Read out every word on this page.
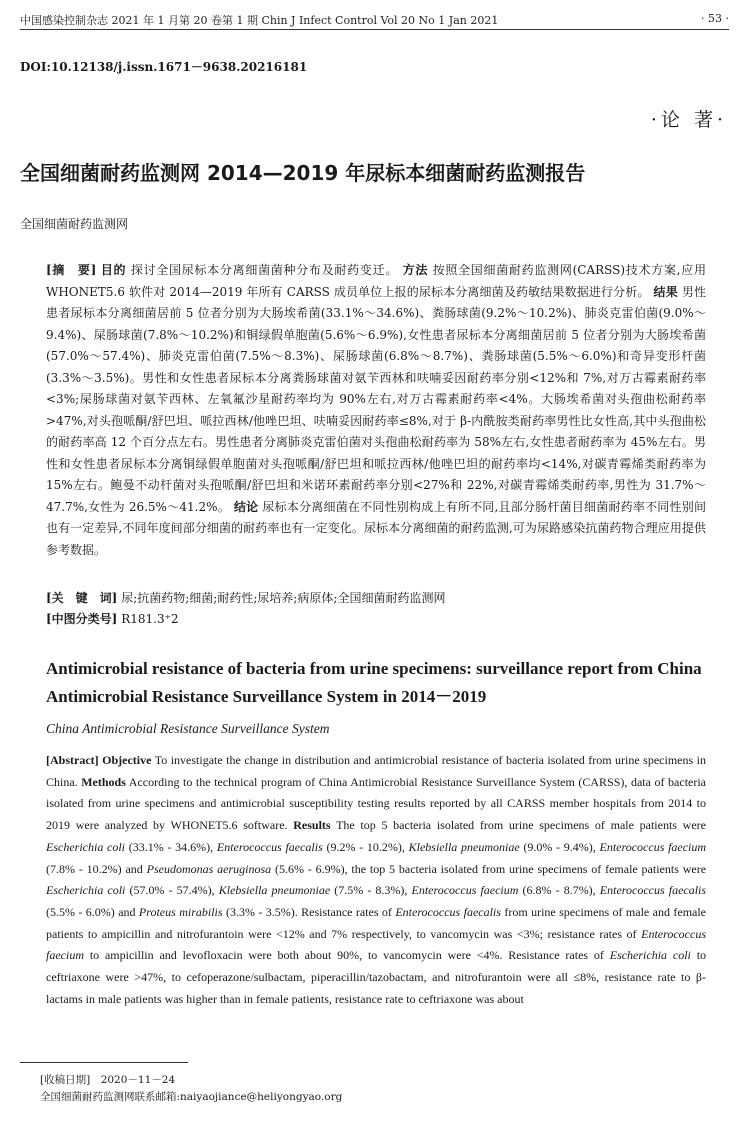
中国感染控制杂志 2021 年 1 月第 20 卷第 1 期 Chin J Infect Control Vol 20 No 1 Jan 2021	· 53 ·
DOI:10.12138/j.issn.1671－9638.20216181
·论 著·
全国细菌耐药监测网 2014—2019 年尿标本细菌耐药监测报告
全国细菌耐药监测网
[摘　要] 目的 探讨全国尿标本分离细菌菌种分布及耐药变迁。 方法 按照全国细菌耐药监测网(CARSS)技术方案,应用 WHONET5.6 软件对 2014—2019 年所有 CARSS 成员单位上报的尿标本分离细菌及药敏结果数据进行分析。 结果 男性患者尿标本分离细菌居前 5 位者分别为大肠埃希菌(33.1%～34.6%)、粪肠球菌(9.2%～10.2%)、肺炎克雷伯菌(9.0%～9.4%)、屎肠球菌(7.8%～10.2%)和铜绿假单胞菌(5.6%～6.9%),女性患者尿标本分离细菌居前 5 位者分别为大肠埃希菌(57.0%～57.4%)、肺炎克雷伯菌(7.5%～8.3%)、屎肠球菌(6.8%～8.7%)、粪肠球菌(5.5%～6.0%)和奇异变形杆菌(3.3%～3.5%)。男性和女性患者尿标本分离粪肠球菌对氨苄西林和呋喃妥因耐药率分别<12%和 7%,对万古霉素耐药率<3%;屎肠球菌对氨苄西林、左氧氟沙星耐药率均为 90%左右,对万古霉素耐药率<4%。大肠埃希菌对头孢曲松耐药率>47%,对头孢哌酮/舒巴坦、哌拉西林/他唑巴坦、呋喃妥因耐药率≤8%,对于 β-内酰胺类耐药率男性比女性高,其中头孢曲松的耐药率高 12 个百分点左右。男性患者分离肺炎克雷伯菌对头孢曲松耐药率为 58%左右,女性患者耐药率为 45%左右。男性和女性患者尿标本分离铜绿假单胞菌对头孢哌酮/舒巴坦和哌拉西林/他唑巴坦的耐药率均<14%,对碳青霉烯类耐药率为 15%左右。鲍曼不动杆菌对头孢哌酮/舒巴坦和米诺环素耐药率分别<27%和 22%,对碳青霉烯类耐药率,男性为 31.7%～47.7%,女性为 26.5%～41.2%。 结论 尿标本分离细菌在不同性别构成上有所不同,且部分肠杆菌目细菌耐药率不同性别间也有一定差异,不同年度间部分细菌的耐药率也有一定变化。尿标本分离细菌的耐药监测,可为尿路感染抗菌药物合理应用提供参考数据。
[关　键　词] 尿;抗菌药物;细菌;耐药性;尿培养;病原体;全国细菌耐药监测网
[中图分类号] R181.3⁺2
Antimicrobial resistance of bacteria from urine specimens: surveillance report from China Antimicrobial Resistance Surveillance System in 2014－2019
China Antimicrobial Resistance Surveillance System
[Abstract] Objective To investigate the change in distribution and antimicrobial resistance of bacteria isolated from urine specimens in China. Methods According to the technical program of China Antimicrobial Resistance Surveillance System (CARSS), data of bacteria isolated from urine specimens and antimicrobial susceptibility testing results reported by all CARSS member hospitals from 2014 to 2019 were analyzed by WHONET5.6 software. Results The top 5 bacteria isolated from urine specimens of male patients were Escherichia coli (33.1% - 34.6%), Enterococcus faecalis (9.2% - 10.2%), Klebsiella pneumoniae (9.0% - 9.4%), Enterococcus faecium (7.8% - 10.2%) and Pseudomonas aeruginosa (5.6% - 6.9%), the top 5 bacteria isolated from urine specimens of female patients were Escherichia coli (57.0% - 57.4%), Klebsiella pneumoniae (7.5% - 8.3%), Enterococcus faecium (6.8% - 8.7%), Enterococcus faecalis (5.5% - 6.0%) and Proteus mirabilis (3.3% - 3.5%). Resistance rates of Enterococcus faecalis from urine specimens of male and female patients to ampicillin and nitrofurantoin were <12% and 7% respectively, to vancomycin was <3%; resistance rates of Enterococcus faecium to ampicillin and levofloxacin were both about 90%, to vancomycin were <4%. Resistance rates of Escherichia coli to ceftriaxone were >47%, to cefoperazone/sulbactam, piperacillin/tazobactam, and nitrofurantoin were all ≤8%, resistance rate to β-lactams in male patients was higher than in female patients, resistance rate to ceftriaxone was about
[收稿日期]　2020－11－24
全国细菌耐药监测网联系邮箱:naiyaojiance@heliyongyao.org
